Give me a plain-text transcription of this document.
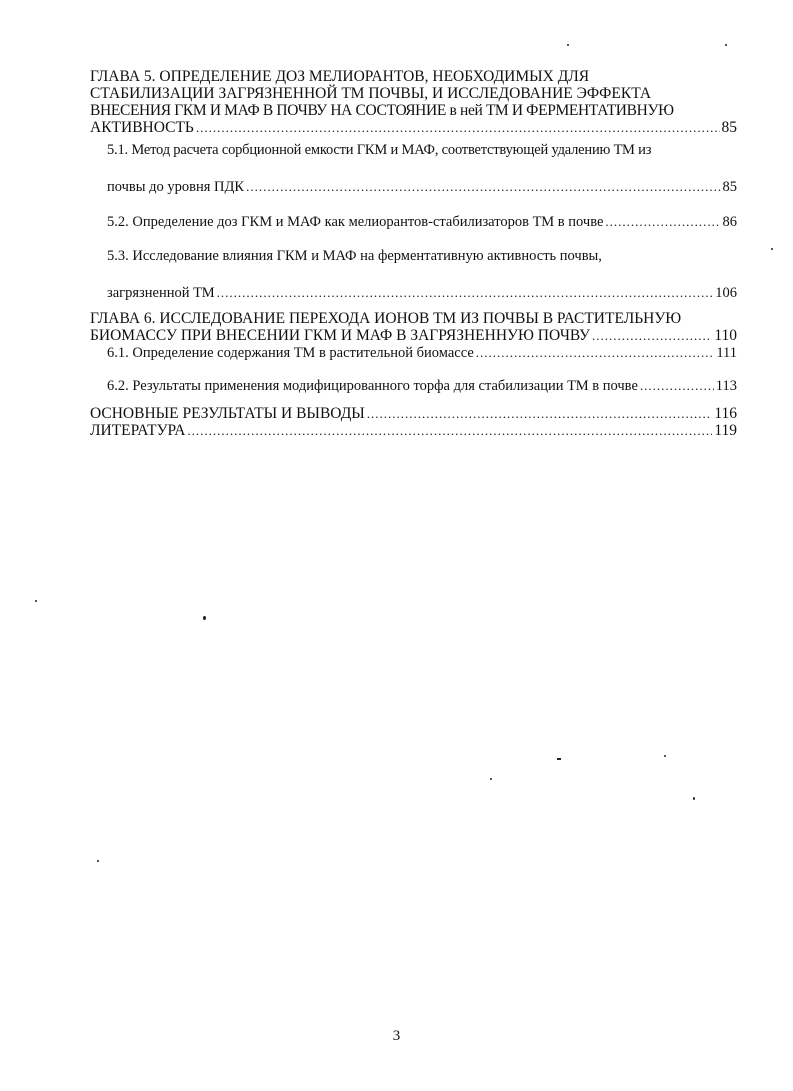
ГЛАВА 5. ОПРЕДЕЛЕНИЕ ДОЗ МЕЛИОРАНТОВ, НЕОБХОДИМЫХ ДЛЯ
СТАБИЛИЗАЦИИ ЗАГРЯЗНЕННОЙ ТМ ПОЧВЫ, И ИССЛЕДОВАНИЕ ЭФФЕКТА
ВНЕСЕНИЯ ГКМ И МАФ В ПОЧВУ НА СОСТОЯНИЕ в ней ТМ И ФЕРМЕНТАТИВНУЮ
АКТИВНОСТЬ .....	85
5.1. Метод расчета сорбционной емкости ГКМ и МАФ, соответствующей удалению ТМ из
почвы до уровня ПДК .....	85
5.2. Определение доз ГКМ и МАФ как мелиорантов-стабилизаторов ТМ в почве .....	86
5.3. Исследование влияния ГКМ и МАФ на ферментативную активность почвы,
загрязненной ТМ .....	106
ГЛАВА 6. ИССЛЕДОВАНИЕ ПЕРЕХОДА ИОНОВ ТМ ИЗ ПОЧВЫ В РАСТИТЕЛЬНУЮ
БИОМАССУ ПРИ ВНЕСЕНИИ ГКМ И МАФ В ЗАГРЯЗНЕННУЮ ПОЧВУ .....	110
6.1. Определение содержания ТМ в растительной биомассе .....	111
6.2. Результаты применения модифицированного торфа для стабилизации ТМ в почве .....	113
ОСНОВНЫЕ РЕЗУЛЬТАТЫ И ВЫВОДЫ .....	116
ЛИТЕРАТУРА .....	119
3
